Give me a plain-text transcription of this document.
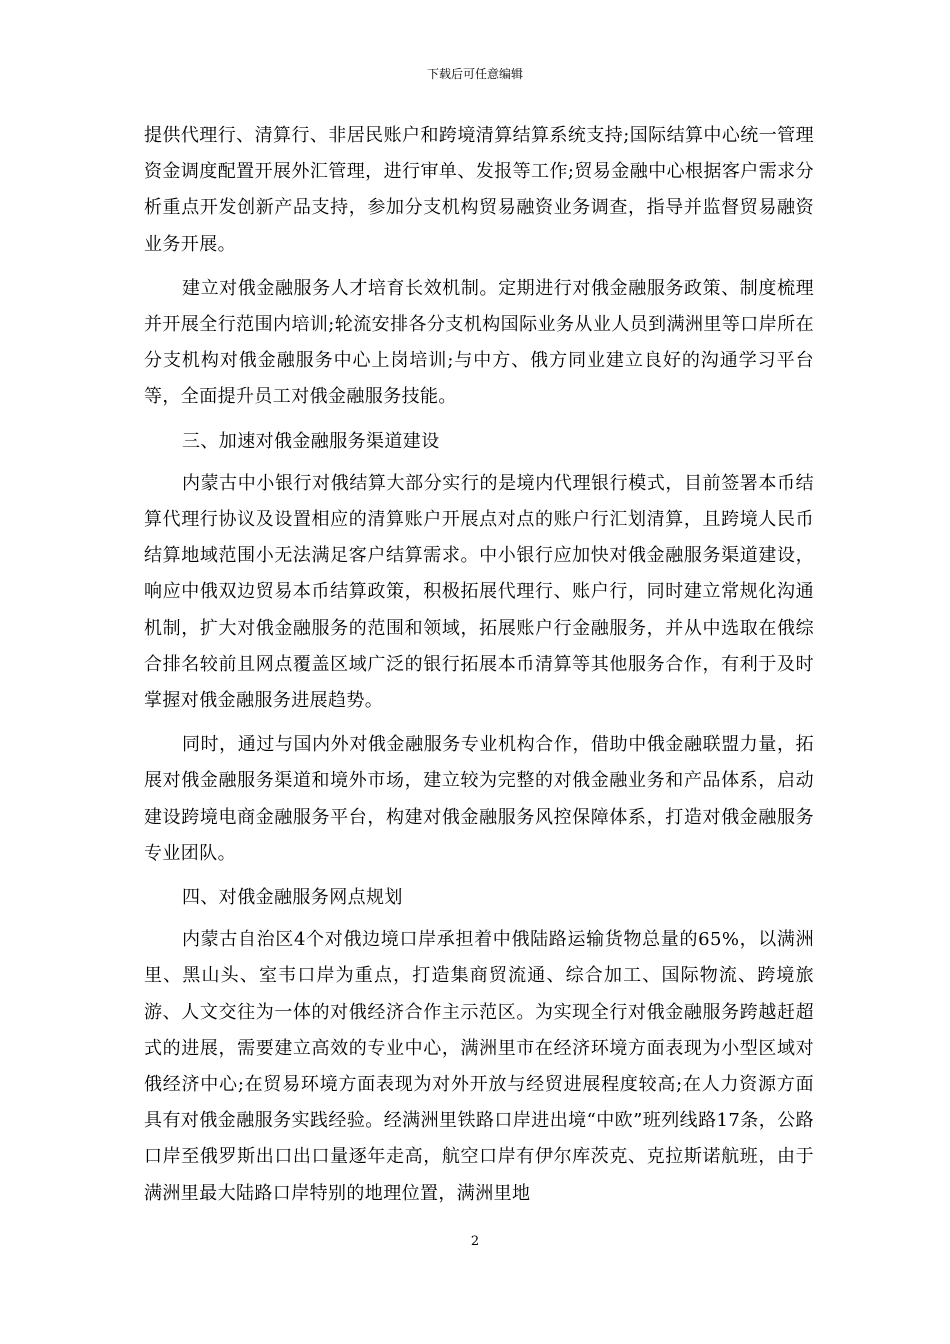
下载后可任意编辑

提供代理行、清算行、非居民账户和跨境清算结算系统支持;国际结算中心统一管理资金调度配置开展外汇管理，进行审单、发报等工作;贸易金融中心根据客户需求分析重点开发创新产品支持，参加分支机构贸易融资业务调查，指导并监督贸易融资业务开展。

建立对俄金融服务人才培育长效机制。定期进行对俄金融服务政策、制度梳理并开展全行范围内培训;轮流安排各分支机构国际业务从业人员到满洲里等口岸所在分支机构对俄金融服务中心上岗培训;与中方、俄方同业建立良好的沟通学习平台等，全面提升员工对俄金融服务技能。

三、加速对俄金融服务渠道建设

内蒙古中小银行对俄结算大部分实行的是境内代理银行模式，目前签署本币结算代理行协议及设置相应的清算账户开展点对点的账户行汇划清算，且跨境人民币结算地域范围小无法满足客户结算需求。中小银行应加快对俄金融服务渠道建设，响应中俄双边贸易本币结算政策，积极拓展代理行、账户行，同时建立常规化沟通机制，扩大对俄金融服务的范围和领域，拓展账户行金融服务，并从中选取在俄综合排名较前且网点覆盖区域广泛的银行拓展本币清算等其他服务合作，有利于及时掌握对俄金融服务进展趋势。

同时，通过与国内外对俄金融服务专业机构合作，借助中俄金融联盟力量，拓展对俄金融服务渠道和境外市场，建立较为完整的对俄金融业务和产品体系，启动建设跨境电商金融服务平台，构建对俄金融服务风控保障体系，打造对俄金融服务专业团队。

四、对俄金融服务网点规划

内蒙古自治区4个对俄边境口岸承担着中俄陆路运输货物总量的65%，以满洲里、黑山头、室韦口岸为重点，打造集商贸流通、综合加工、国际物流、跨境旅游、人文交往为一体的对俄经济合作主示范区。为实现全行对俄金融服务跨越赶超式的进展，需要建立高效的专业中心，满洲里市在经济环境方面表现为小型区域对俄经济中心;在贸易环境方面表现为对外开放与经贸进展程度较高;在人力资源方面具有对俄金融服务实践经验。经满洲里铁路口岸进出境“中欧”班列线路17条，公路口岸至俄罗斯出口出口量逐年走高，航空口岸有伊尔库茨克、克拉斯诺航班，由于满洲里最大陆路口岸特别的地理位置，满洲里地

2
